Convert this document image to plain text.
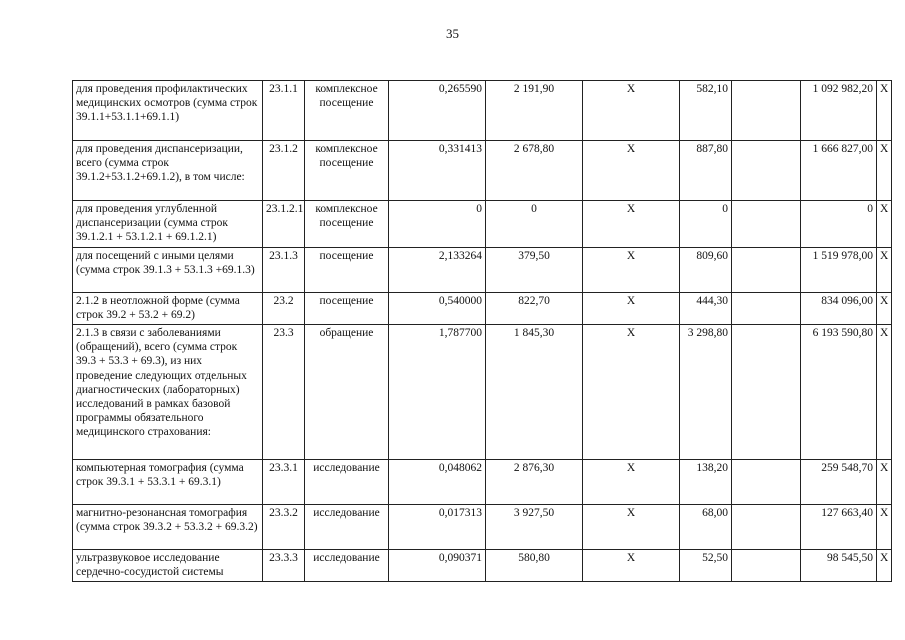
35
для проведения профилактических медицинских осмотров (сумма строк 39.1.1+53.1.1+69.1.1)	23.1.1	комплексное посещение	0,265590	2 191,90	Х	582,10		1 092 982,20	Х
для проведения диспансеризации, всего (сумма строк 39.1.2+53.1.2+69.1.2), в том числе:	23.1.2	комплексное посещение	0,331413	2 678,80	Х	887,80		1 666 827,00	Х
для проведения углубленной диспансеризации (сумма строк 39.1.2.1 + 53.1.2.1 + 69.1.2.1)	23.1.2.1	комплексное посещение	0	0	Х	0		0	Х
для посещений с иными целями (сумма строк 39.1.3 + 53.1.3 +69.1.3)	23.1.3	посещение	2,133264	379,50	Х	809,60		1 519 978,00	Х
2.1.2 в неотложной форме (сумма строк 39.2 + 53.2 + 69.2)	23.2	посещение	0,540000	822,70	Х	444,30		834 096,00	Х
2.1.3 в связи с заболеваниями (обращений), всего (сумма строк 39.3 + 53.3 + 69.3), из них проведение следующих отдельных диагностических (лабораторных) исследований в рамках базовой программы обязательного медицинского страхования:	23.3	обращение	1,787700	1 845,30	Х	3 298,80		6 193 590,80	Х
компьютерная томография (сумма строк 39.3.1 + 53.3.1 + 69.3.1)	23.3.1	исследование	0,048062	2 876,30	Х	138,20		259 548,70	Х
магнитно-резонансная томография (сумма строк 39.3.2 + 53.3.2 + 69.3.2)	23.3.2	исследование	0,017313	3 927,50	Х	68,00		127 663,40	Х
ультразвуковое исследование сердечно-сосудистой системы	23.3.3	исследование	0,090371	580,80	Х	52,50		98 545,50	Х
